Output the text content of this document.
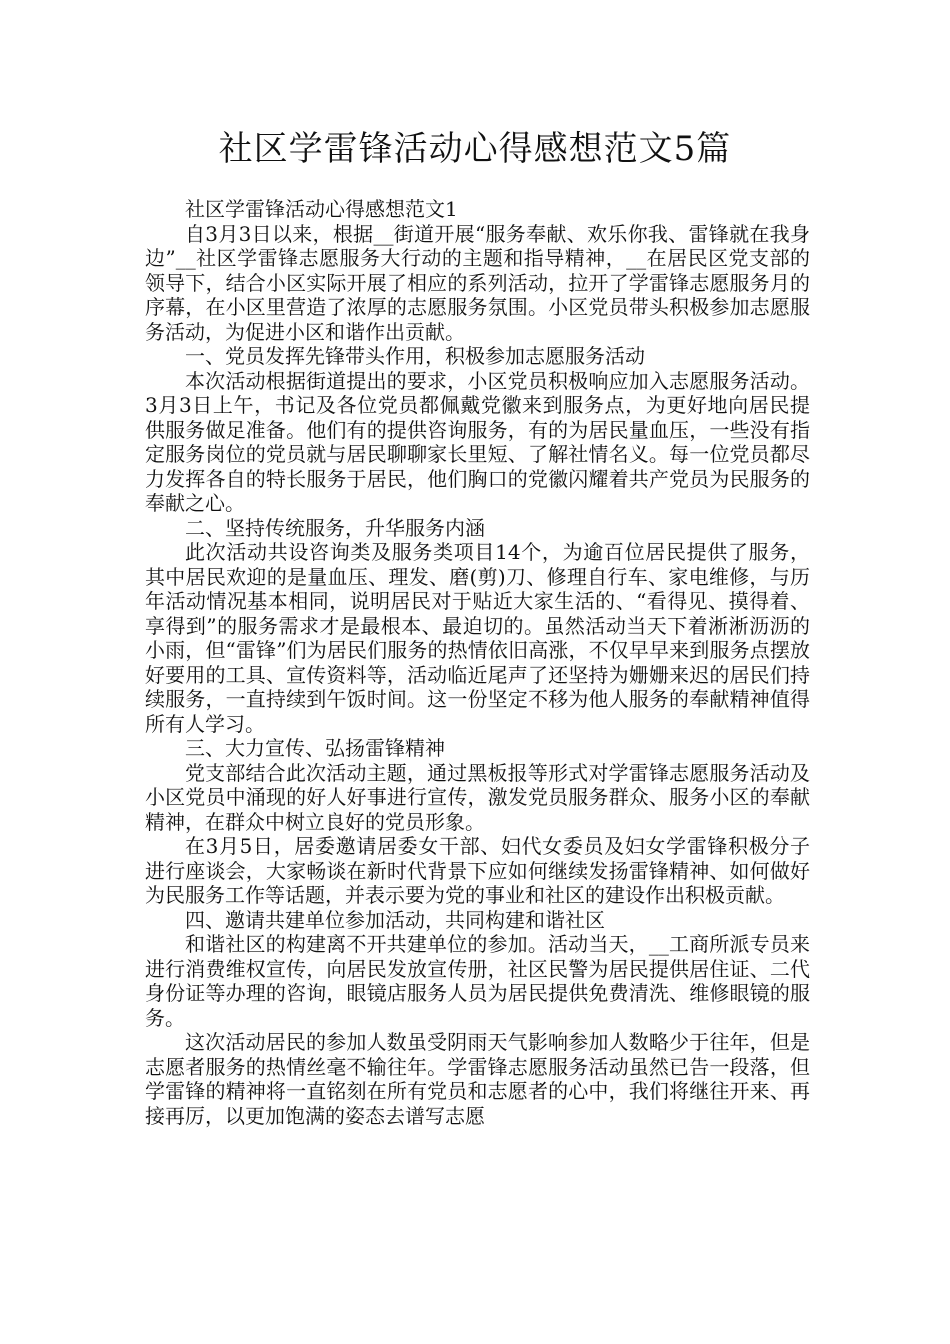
社区学雷锋活动心得感想范文5篇

社区学雷锋活动心得感想范文1

自3月3日以来，根据__街道开展“服务奉献、欢乐你我、雷锋就在我身边”__社区学雷锋志愿服务大行动的主题和指导精神，__在居民区党支部的领导下，结合小区实际开展了相应的系列活动，拉开了学雷锋志愿服务月的序幕，在小区里营造了浓厚的志愿服务氛围。小区党员带头积极参加志愿服务活动，为促进小区和谐作出贡献。

一、党员发挥先锋带头作用，积极参加志愿服务活动

本次活动根据街道提出的要求，小区党员积极响应加入志愿服务活动。3月3日上午，书记及各位党员都佩戴党徽来到服务点，为更好地向居民提供服务做足准备。他们有的提供咨询服务，有的为居民量血压，一些没有指定服务岗位的党员就与居民聊聊家长里短、了解社情名义。每一位党员都尽力发挥各自的特长服务于居民，他们胸口的党徽闪耀着共产党员为民服务的奉献之心。

二、坚持传统服务，升华服务内涵

此次活动共设咨询类及服务类项目14个，为逾百位居民提供了服务，其中居民欢迎的是量血压、理发、磨(剪)刀、修理自行车、家电维修，与历年活动情况基本相同，说明居民对于贴近大家生活的、“看得见、摸得着、享得到”的服务需求才是最根本、最迫切的。虽然活动当天下着淅淅沥沥的小雨，但“雷锋”们为居民们服务的热情依旧高涨，不仅早早来到服务点摆放好要用的工具、宣传资料等，活动临近尾声了还坚持为姗姗来迟的居民们持续服务，一直持续到午饭时间。这一份坚定不移为他人服务的奉献精神值得所有人学习。

三、大力宣传、弘扬雷锋精神

党支部结合此次活动主题，通过黑板报等形式对学雷锋志愿服务活动及小区党员中涌现的好人好事进行宣传，激发党员服务群众、服务小区的奉献精神，在群众中树立良好的党员形象。

在3月5日，居委邀请居委女干部、妇代女委员及妇女学雷锋积极分子进行座谈会，大家畅谈在新时代背景下应如何继续发扬雷锋精神、如何做好为民服务工作等话题，并表示要为党的事业和社区的建设作出积极贡献。

四、邀请共建单位参加活动，共同构建和谐社区

和谐社区的构建离不开共建单位的参加。活动当天，__工商所派专员来进行消费维权宣传，向居民发放宣传册，社区民警为居民提供居住证、二代身份证等办理的咨询，眼镜店服务人员为居民提供免费清洗、维修眼镜的服务。

这次活动居民的参加人数虽受阴雨天气影响参加人数略少于往年，但是志愿者服务的热情丝毫不输往年。学雷锋志愿服务活动虽然已告一段落，但学雷锋的精神将一直铭刻在所有党员和志愿者的心中，我们将继往开来、再接再厉，以更加饱满的姿态去谱写志愿
